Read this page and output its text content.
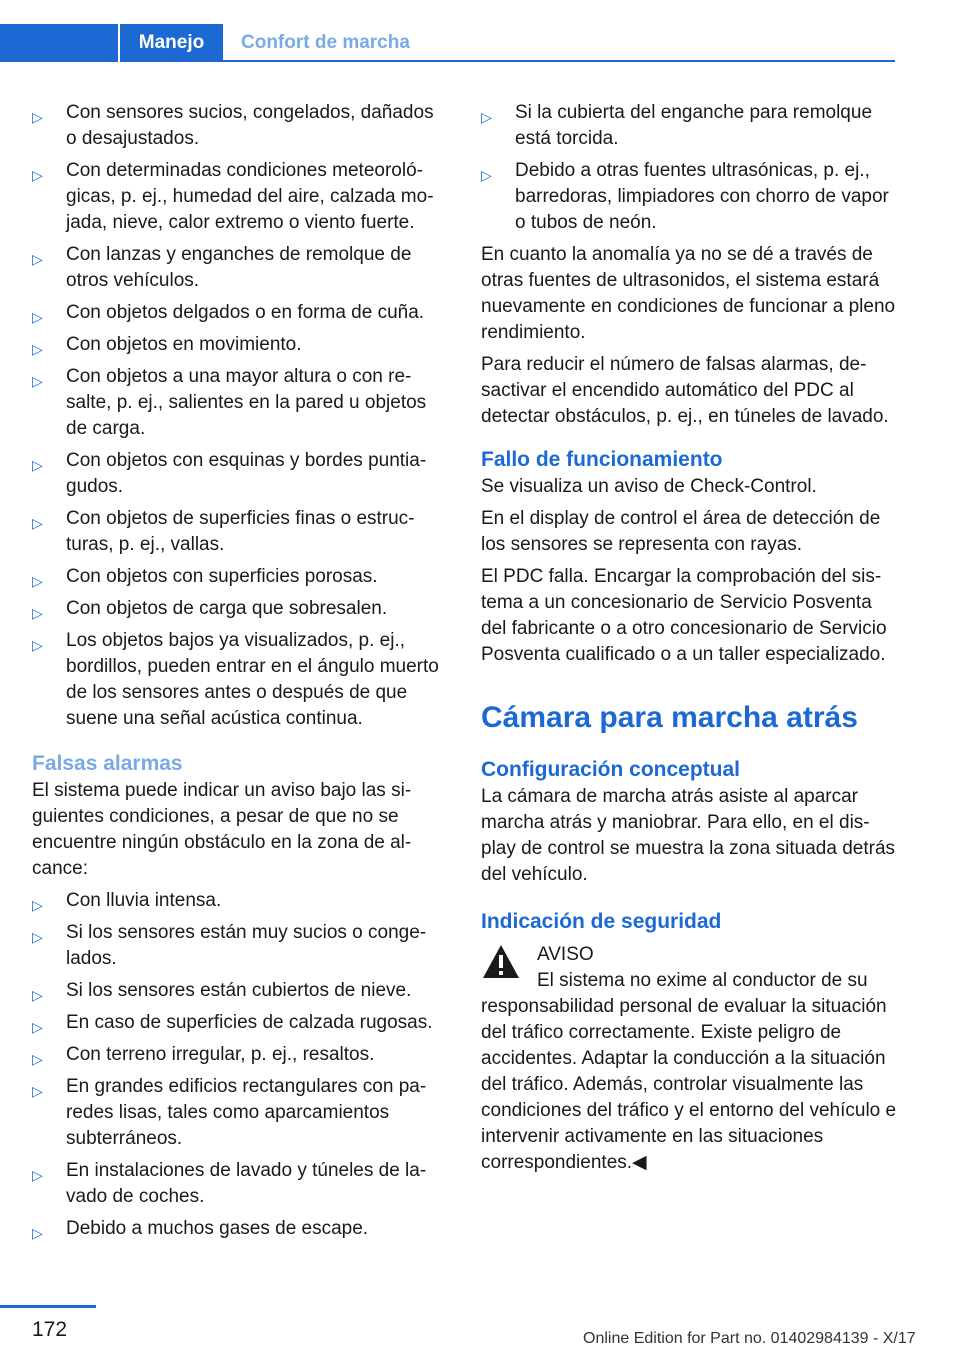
Manejo	Confort de marcha
▷ Con sensores sucios, congelados, dañados o desajustados.
▷ Con determinadas condiciones meteorológicas, p. ej., humedad del aire, calzada mojada, nieve, calor extremo o viento fuerte.
▷ Con lanzas y enganches de remolque de otros vehículos.
▷ Con objetos delgados o en forma de cuña.
▷ Con objetos en movimiento.
▷ Con objetos a una mayor altura o con resalte, p. ej., salientes en la pared u objetos de carga.
▷ Con objetos con esquinas y bordes puntiagudos.
▷ Con objetos de superficies finas o estructuras, p. ej., vallas.
▷ Con objetos con superficies porosas.
▷ Con objetos de carga que sobresalen.
▷ Los objetos bajos ya visualizados, p. ej., bordillos, pueden entrar en el ángulo muerto de los sensores antes o después de que suene una señal acústica continua.
Falsas alarmas

El sistema puede indicar un aviso bajo las siguientes condiciones, a pesar de que no se encuentre ningún obstáculo en la zona de alcance:

▷ Con lluvia intensa.
▷ Si los sensores están muy sucios o congelados.
▷ Si los sensores están cubiertos de nieve.
▷ En caso de superficies de calzada rugosas.
▷ Con terreno irregular, p. ej., resaltos.
▷ En grandes edificios rectangulares con paredes lisas, tales como aparcamientos subterráneos.
▷ En instalaciones de lavado y túneles de lavado de coches.
▷ Debido a muchos gases de escape.
▷ Si la cubierta del enganche para remolque está torcida.
▷ Debido a otras fuentes ultrasónicas, p. ej., barredoras, limpiadores con chorro de vapor o tubos de neón.

En cuanto la anomalía ya no se dé a través de otras fuentes de ultrasonidos, el sistema estará nuevamente en condiciones de funcionar a pleno rendimiento.

Para reducir el número de falsas alarmas, desactivar el encendido automático del PDC al detectar obstáculos, p. ej., en túneles de lavado.

Fallo de funcionamiento

Se visualiza un aviso de Check-Control.

En el display de control el área de detección de los sensores se representa con rayas.

El PDC falla. Encargar la comprobación del sistema a un concesionario de Servicio Posventa del fabricante o a otro concesionario de Servicio Posventa cualificado o a un taller especializado.

Cámara para marcha atrás
Configuración conceptual

La cámara de marcha atrás asiste al aparcar marcha atrás y maniobrar. Para ello, en el display de control se muestra la zona situada detrás del vehículo.

Indicación de seguridad

AVISO

El sistema no exime al conductor de su responsabilidad personal de evaluar la situación del tráfico correctamente. Existe peligro de accidentes. Adaptar la conducción a la situación del tráfico. Además, controlar visualmente las condiciones del tráfico y el entorno del vehículo e intervenir activamente en las situaciones correspondientes.◀

172	Online Edition for Part no. 01402984139 - X/17
